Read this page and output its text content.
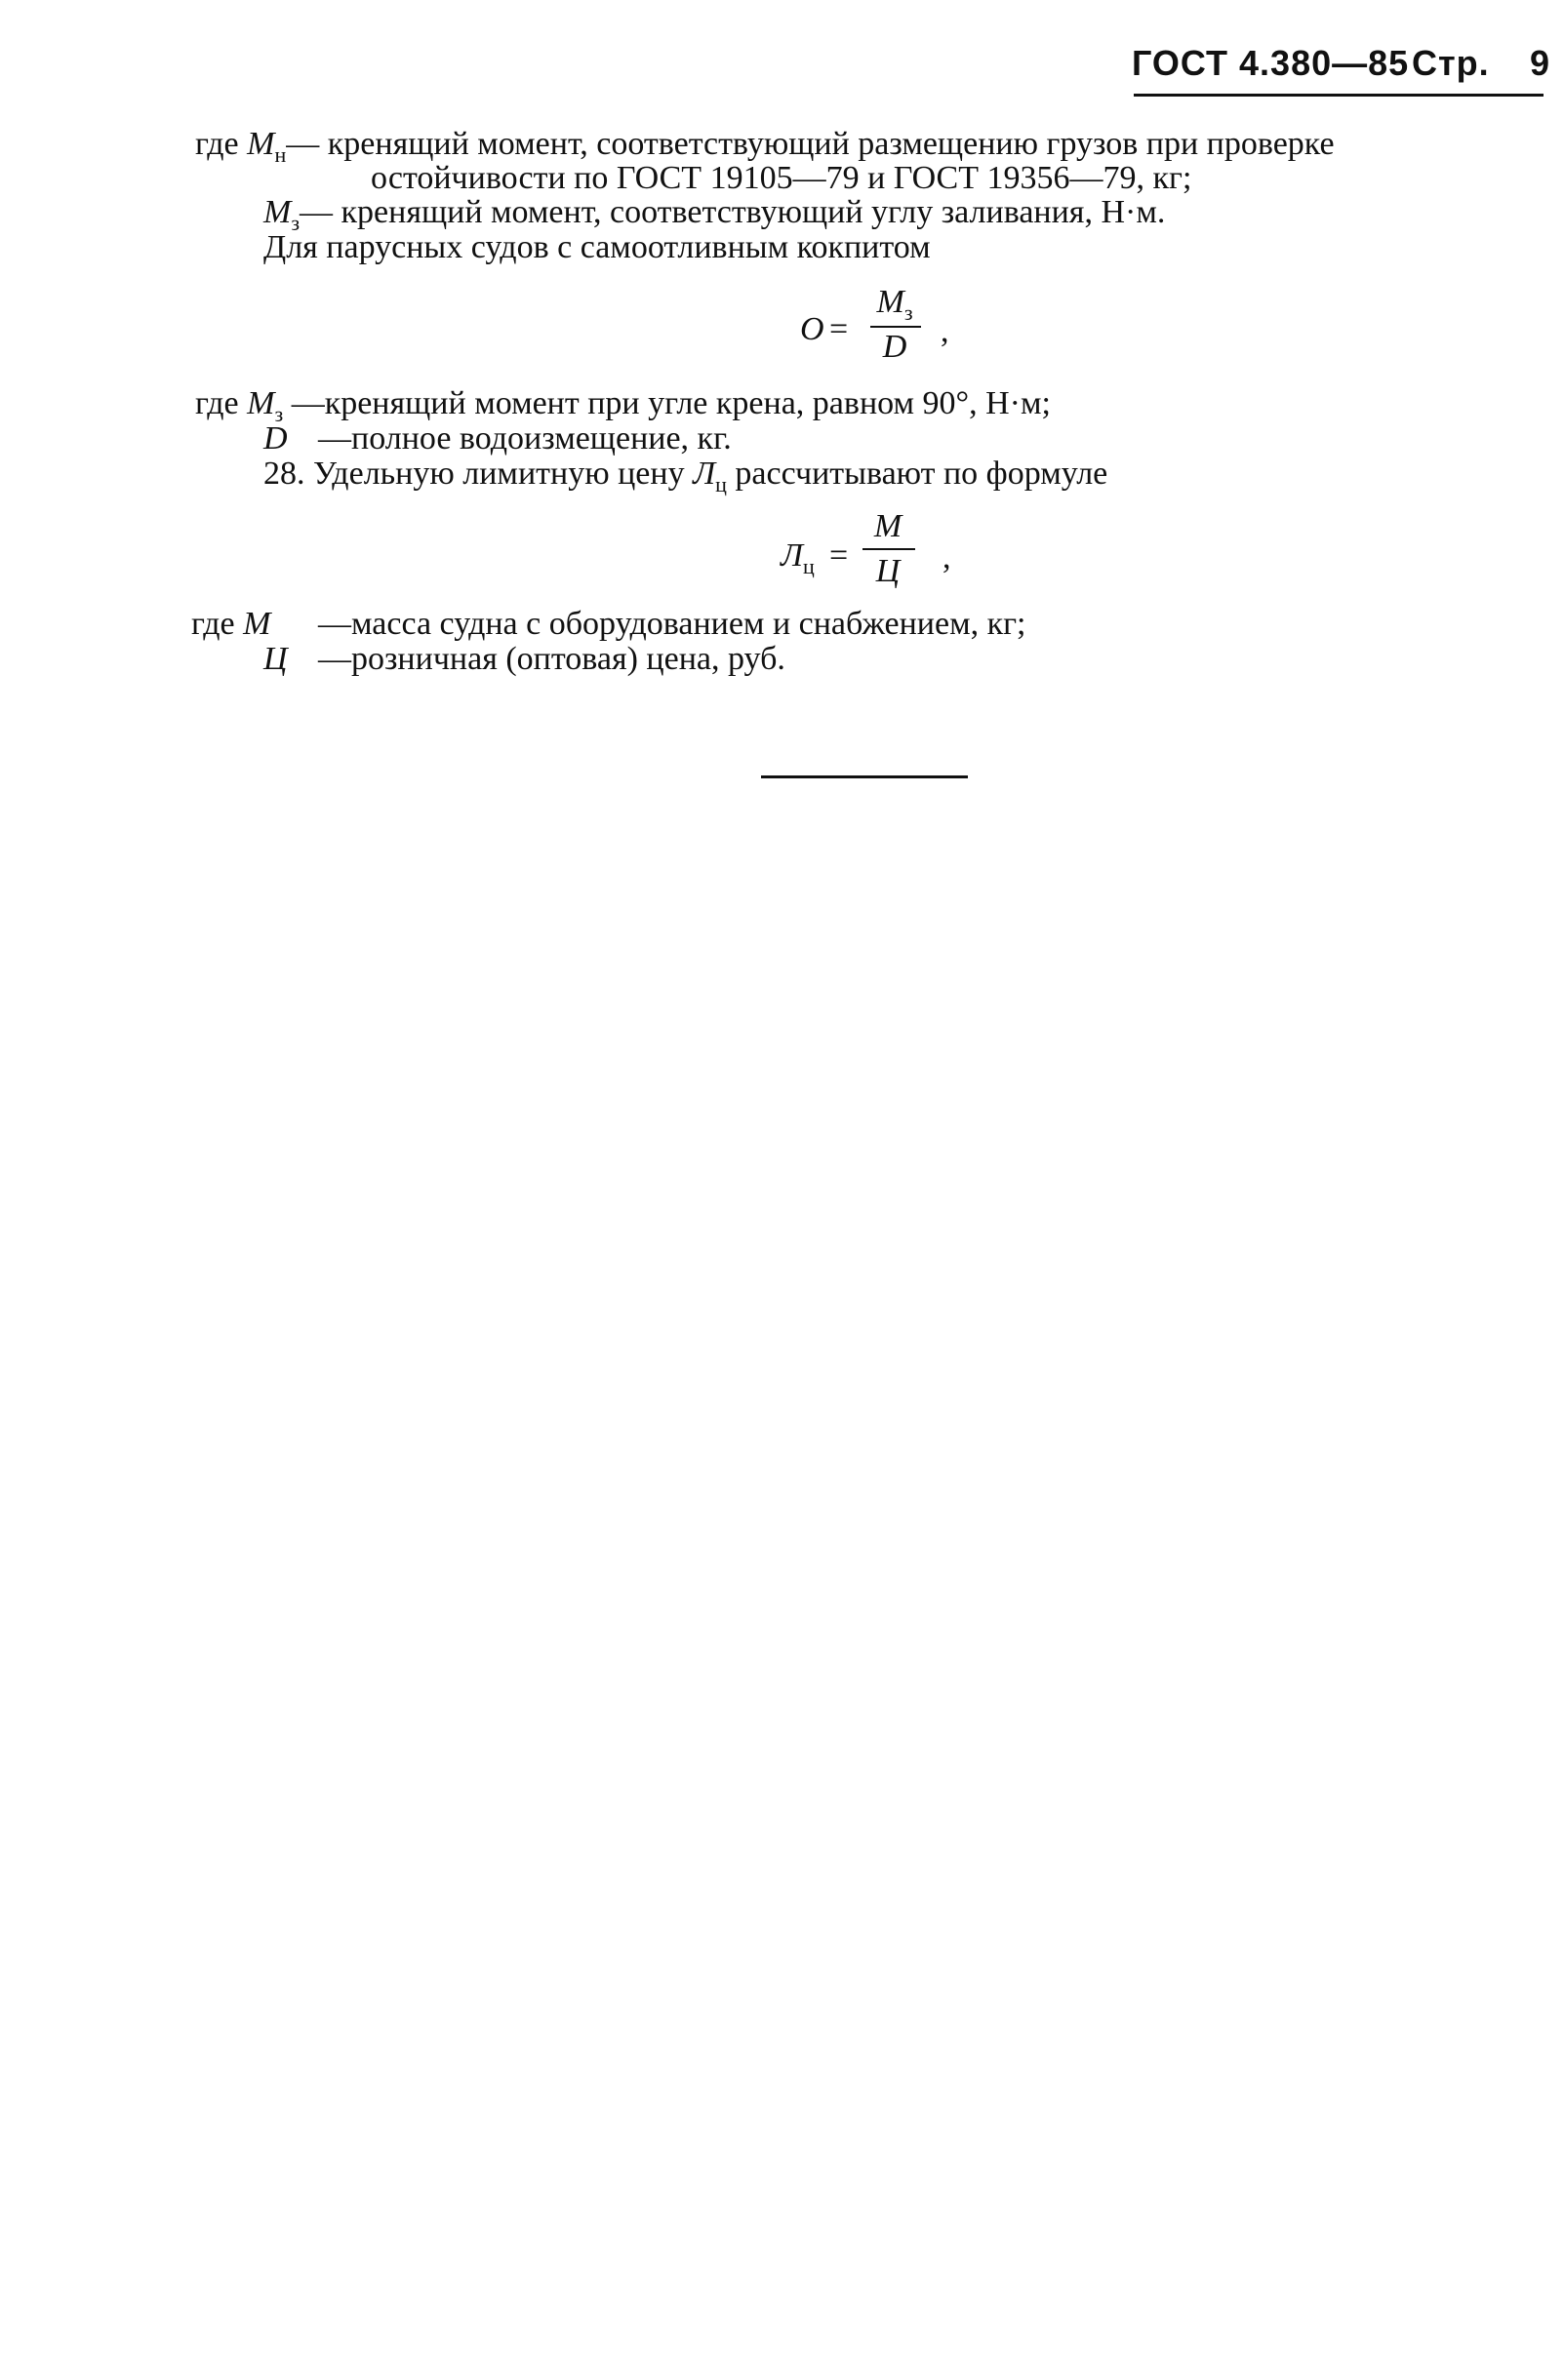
ГОСТ 4.380—85 Стр. 9
где $М_н—$ кренящий момент, соответствующий размещению грузов при проверке
остойчивости по ГОСТ 19105—79 и ГОСТ 19356—79, кг;
$М_з—$ кренящий момент, соответствующий углу заливания, Н·м.
Для парусных судов с самоотливным кокпитом
О =
$М_з$
D	,
где $М_з$ —кренящий момент при угле крена, равном 90°, Н·м;
D —полное водоизмещение, кг.
28. Удельную лимитную цену $Л_ц$ рассчитывают по формуле
$Л_ц$ =
М
Ц	,
где М —масса судна с оборудованием и снабжением, кг;
Ц —розничная (оптовая) цена, руб.
